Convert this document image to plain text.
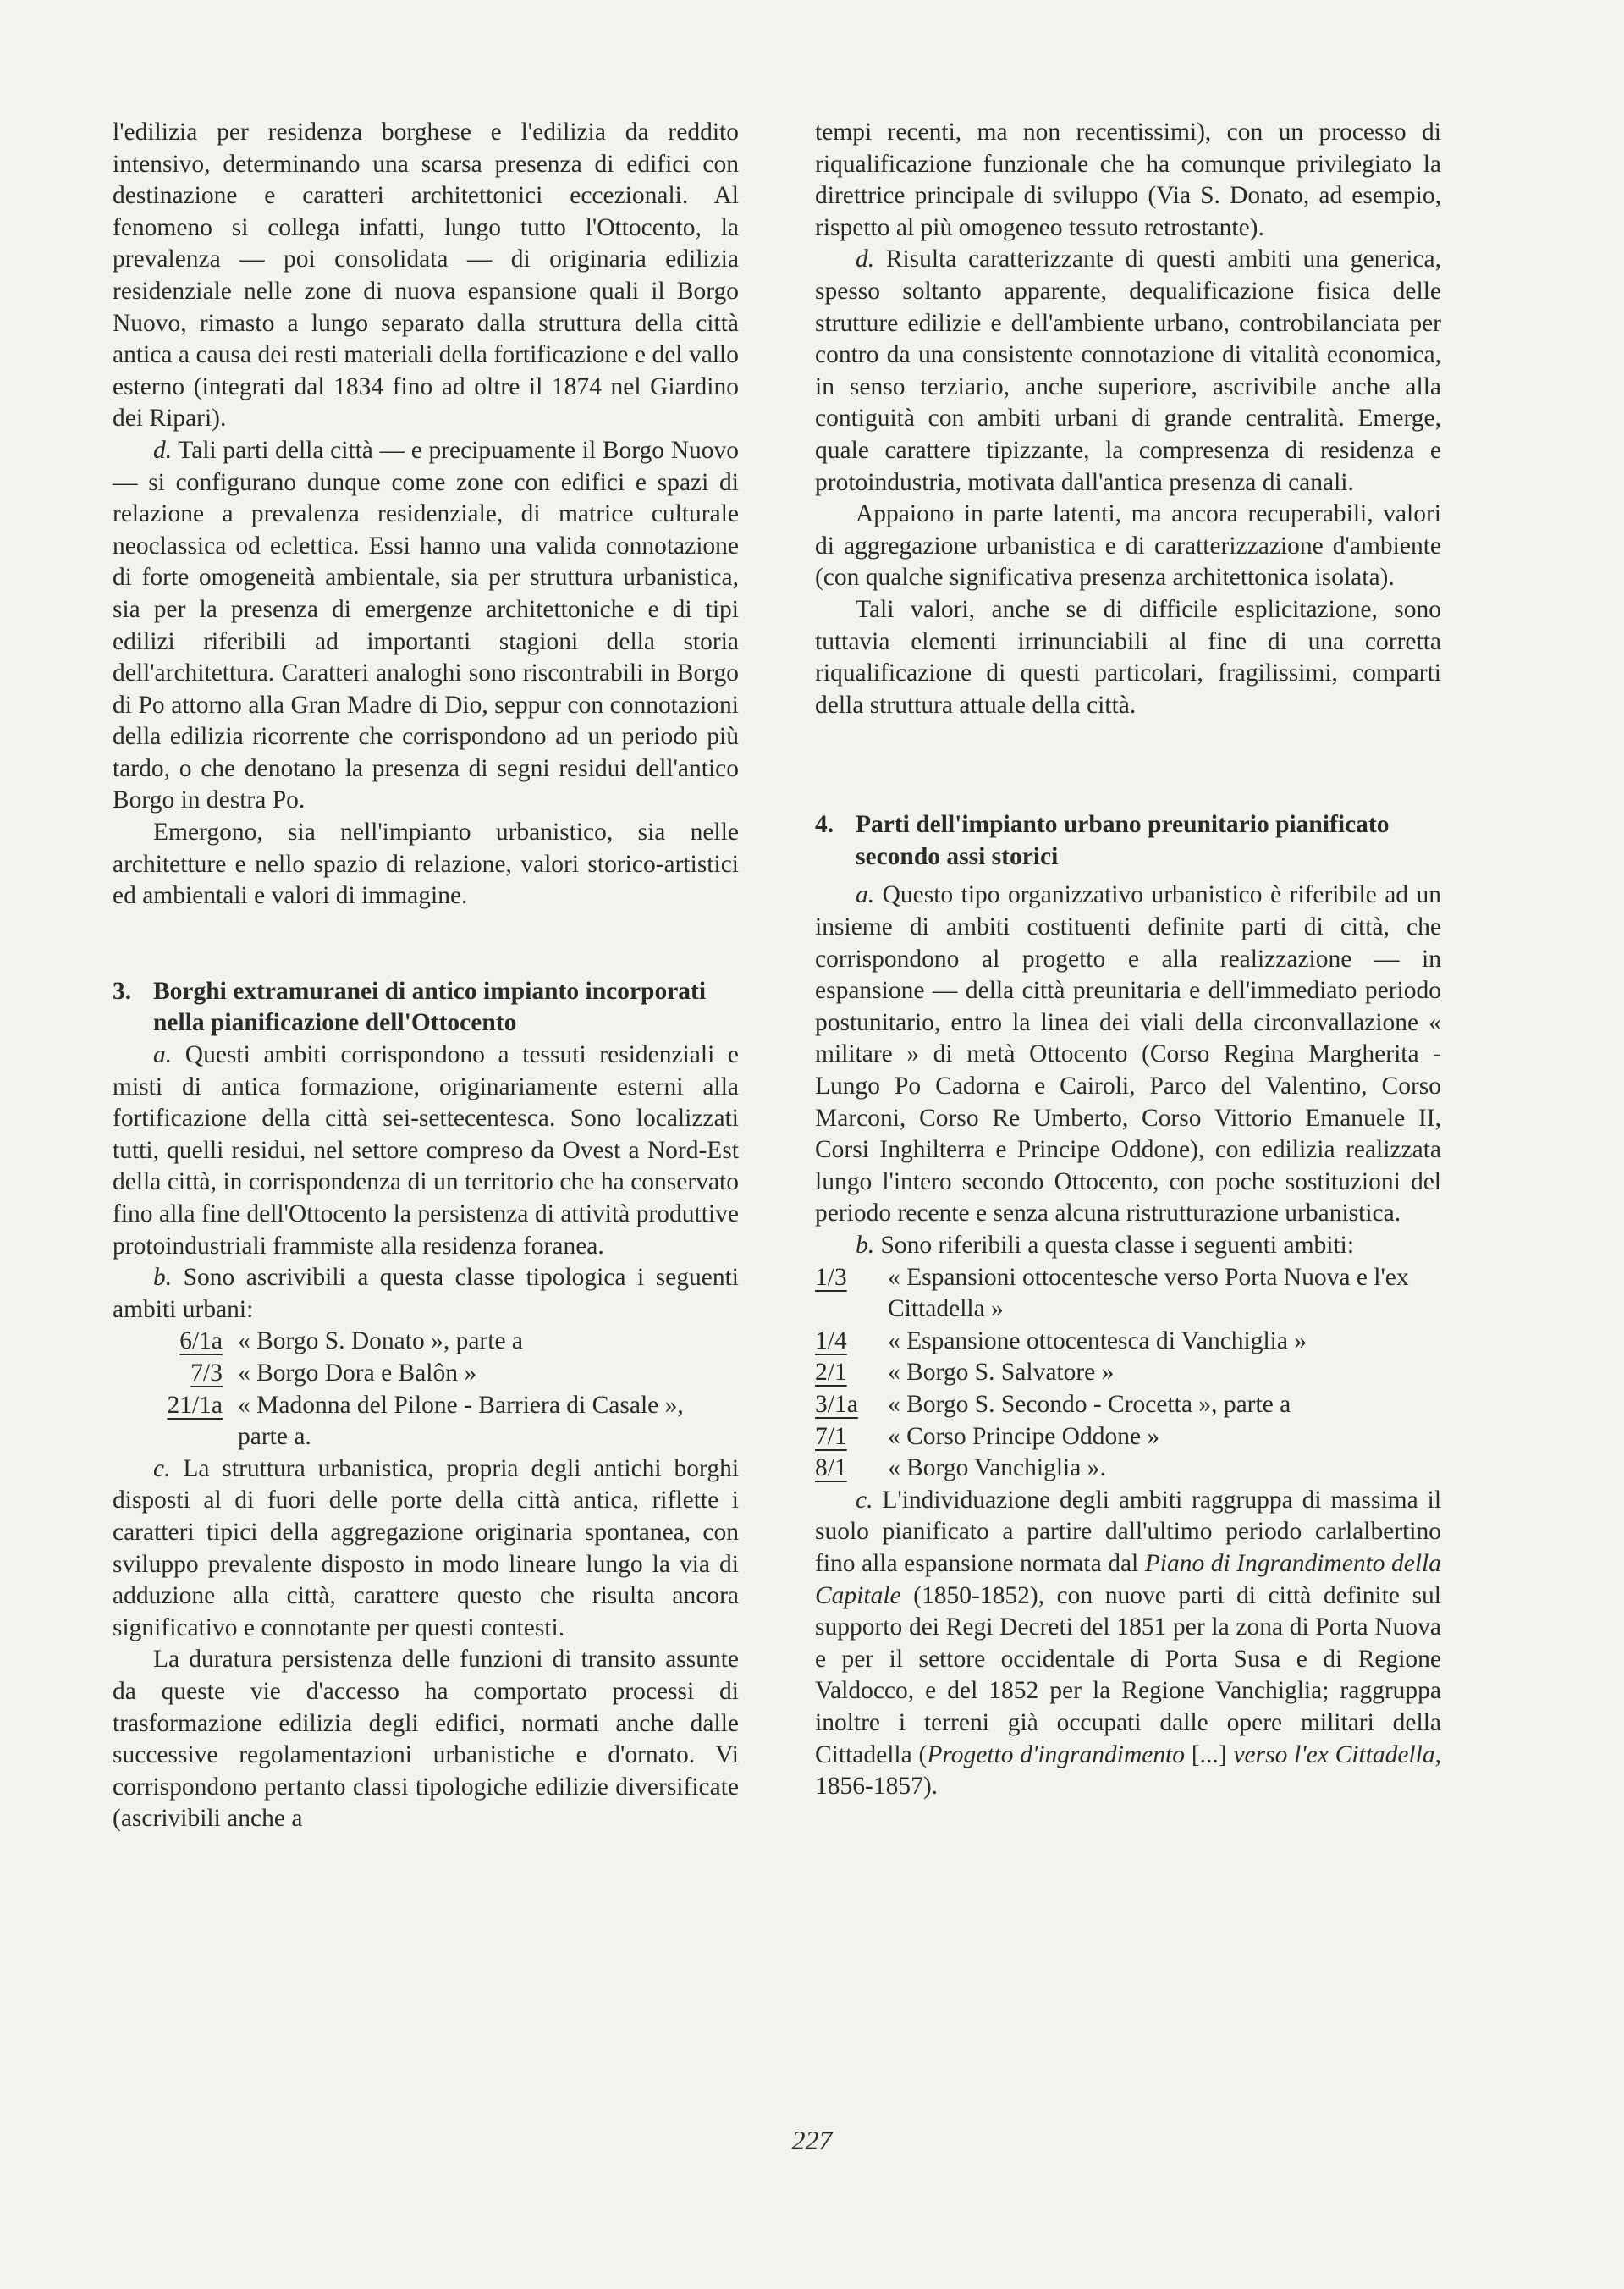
l'edilizia per residenza borghese e l'edilizia da reddito intensivo, determinando una scarsa presenza di edifici con destinazione e caratteri architettonici eccezionali. Al fenomeno si collega infatti, lungo tutto l'Ottocento, la prevalenza — poi consolidata — di originaria edilizia residenziale nelle zone di nuova espansione quali il Borgo Nuovo, rimasto a lungo separato dalla struttura della città antica a causa dei resti materiali della fortificazione e del vallo esterno (integrati dal 1834 fino ad oltre il 1874 nel Giardino dei Ripari).

d. Tali parti della città — e precipuamente il Borgo Nuovo — si configurano dunque come zone con edifici e spazi di relazione a prevalenza residenziale, di matrice culturale neoclassica od eclettica. Essi hanno una valida connotazione di forte omogeneità ambientale, sia per struttura urbanistica, sia per la presenza di emergenze architettoniche e di tipi edilizi riferibili ad importanti stagioni della storia dell'architettura. Caratteri analoghi sono riscontrabili in Borgo di Po attorno alla Gran Madre di Dio, seppur con connotazioni della edilizia ricorrente che corrispondono ad un periodo più tardo, o che denotano la presenza di segni residui dell'antico Borgo in destra Po.

Emergono, sia nell'impianto urbanistico, sia nelle architetture e nello spazio di relazione, valori storico-artistici ed ambientali e valori di immagine.

3. Borghi extramuranei di antico impianto incorporati nella pianificazione dell'Ottocento

a. Questi ambiti corrispondono a tessuti residenziali e misti di antica formazione, originariamente esterni alla fortificazione della città sei-settecentesca. Sono localizzati tutti, quelli residui, nel settore compreso da Ovest a Nord-Est della città, in corrispondenza di un territorio che ha conservato fino alla fine dell'Ottocento la persistenza di attività produttive protoindustriali frammiste alla residenza foranea.

b. Sono ascrivibili a questa classe tipologica i seguenti ambiti urbani:

6/1a « Borgo S. Donato », parte a
7/3 « Borgo Dora e Balôn »
21/1a « Madonna del Pilone - Barriera di Casale », parte a.

c. La struttura urbanistica, propria degli antichi borghi disposti al di fuori delle porte della città antica, riflette i caratteri tipici della aggregazione originaria spontanea, con sviluppo prevalente disposto in modo lineare lungo la via di adduzione alla città, carattere questo che risulta ancora significativo e connotante per questi contesti.

La duratura persistenza delle funzioni di transito assunte da queste vie d'accesso ha comportato processi di trasformazione edilizia degli edifici, normati anche dalle successive regolamentazioni urbanistiche e d'ornato. Vi corrispondono pertanto classi tipologiche edilizie diversificate (ascrivibili anche a

tempi recenti, ma non recentissimi), con un processo di riqualificazione funzionale che ha comunque privilegiato la direttrice principale di sviluppo (Via S. Donato, ad esempio, rispetto al più omogeneo tessuto retrostante).

d. Risulta caratterizzante di questi ambiti una generica, spesso soltanto apparente, dequalificazione fisica delle strutture edilizie e dell'ambiente urbano, controbilanciata per contro da una consistente connotazione di vitalità economica, in senso terziario, anche superiore, ascrivibile anche alla contiguità con ambiti urbani di grande centralità. Emerge, quale carattere tipizzante, la compresenza di residenza e protoindustria, motivata dall'antica presenza di canali.

Appaiono in parte latenti, ma ancora recuperabili, valori di aggregazione urbanistica e di caratterizzazione d'ambiente (con qualche significativa presenza architettonica isolata).

Tali valori, anche se di difficile esplicitazione, sono tuttavia elementi irrinunciabili al fine di una corretta riqualificazione di questi particolari, fragilissimi, comparti della struttura attuale della città.

4. Parti dell'impianto urbano preunitario pianificato secondo assi storici

a. Questo tipo organizzativo urbanistico è riferibile ad un insieme di ambiti costituenti definite parti di città, che corrispondono al progetto e alla realizzazione — in espansione — della città preunitaria e dell'immediato periodo postunitario, entro la linea dei viali della circonvallazione « militare » di metà Ottocento (Corso Regina Margherita - Lungo Po Cadorna e Cairoli, Parco del Valentino, Corso Marconi, Corso Re Umberto, Corso Vittorio Emanuele II, Corsi Inghilterra e Principe Oddone), con edilizia realizzata lungo l'intero secondo Ottocento, con poche sostituzioni del periodo recente e senza alcuna ristrutturazione urbanistica.

b. Sono riferibili a questa classe i seguenti ambiti:

1/3	« Espansioni ottocentesche verso Porta Nuova e l'ex Cittadella »
1/4	« Espansione ottocentesca di Vanchiglia »
2/1	« Borgo S. Salvatore »
3/1a	« Borgo S. Secondo - Crocetta », parte a
7/1	« Corso Principe Oddone »
8/1	« Borgo Vanchiglia ».

c. L'individuazione degli ambiti raggruppa di massima il suolo pianificato a partire dall'ultimo periodo carlalbertino fino alla espansione normata dal Piano di Ingrandimento della Capitale (1850-1852), con nuove parti di città definite sul supporto dei Regi Decreti del 1851 per la zona di Porta Nuova e per il settore occidentale di Porta Susa e di Regione Valdocco, e del 1852 per la Regione Vanchiglia; raggruppa inoltre i terreni già occupati dalle opere militari della Cittadella (Progetto d'ingrandimento [...] verso l'ex Cittadella, 1856-1857).

227
